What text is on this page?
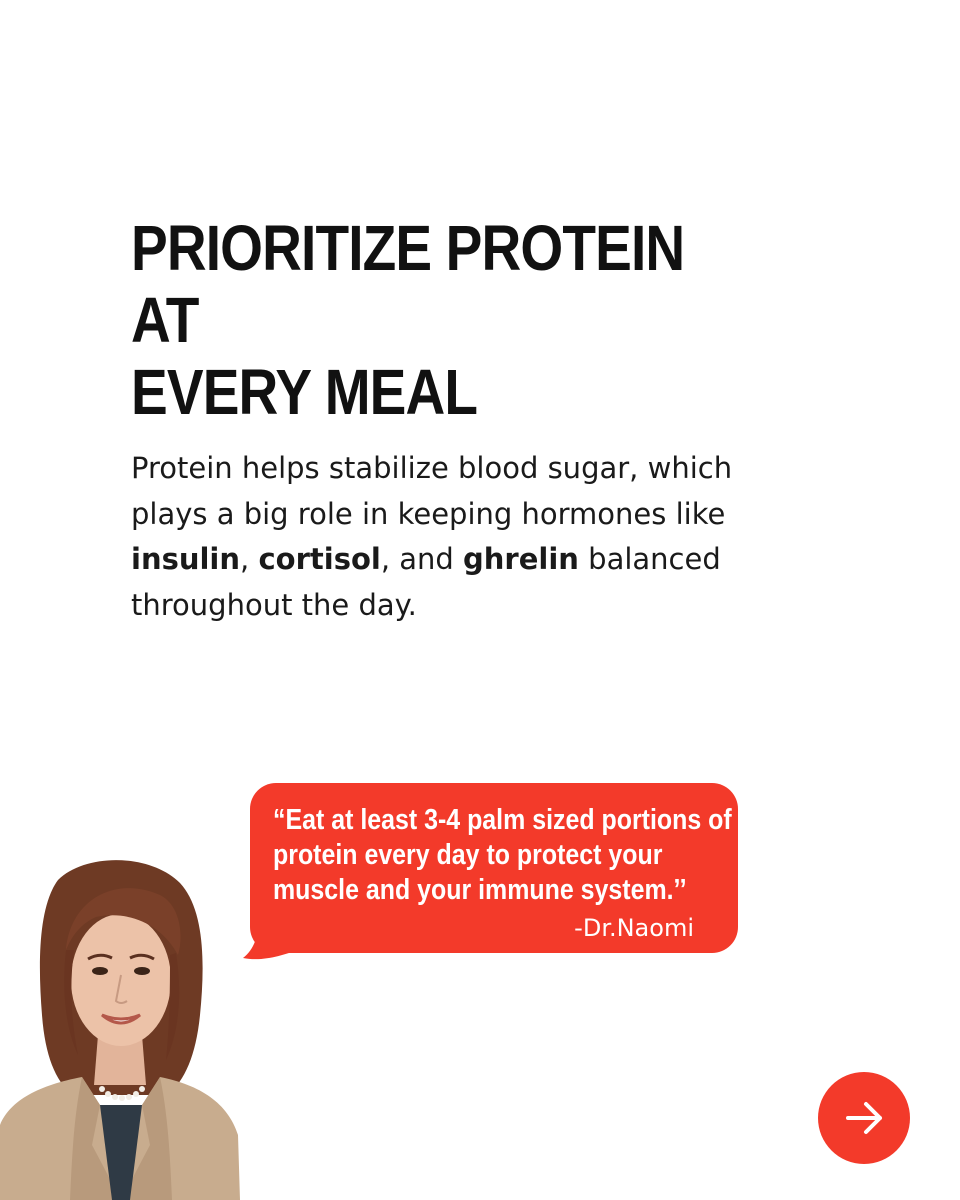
PRIORITIZE PROTEIN AT
EVERY MEAL

Protein helps stabilize blood sugar, which plays a big role in keeping hormones like insulin, cortisol, and ghrelin balanced throughout the day.

“Eat at least 3-4 palm sized portions of
protein every day to protect your
muscle and your immune system.’’
-Dr.Naomi
